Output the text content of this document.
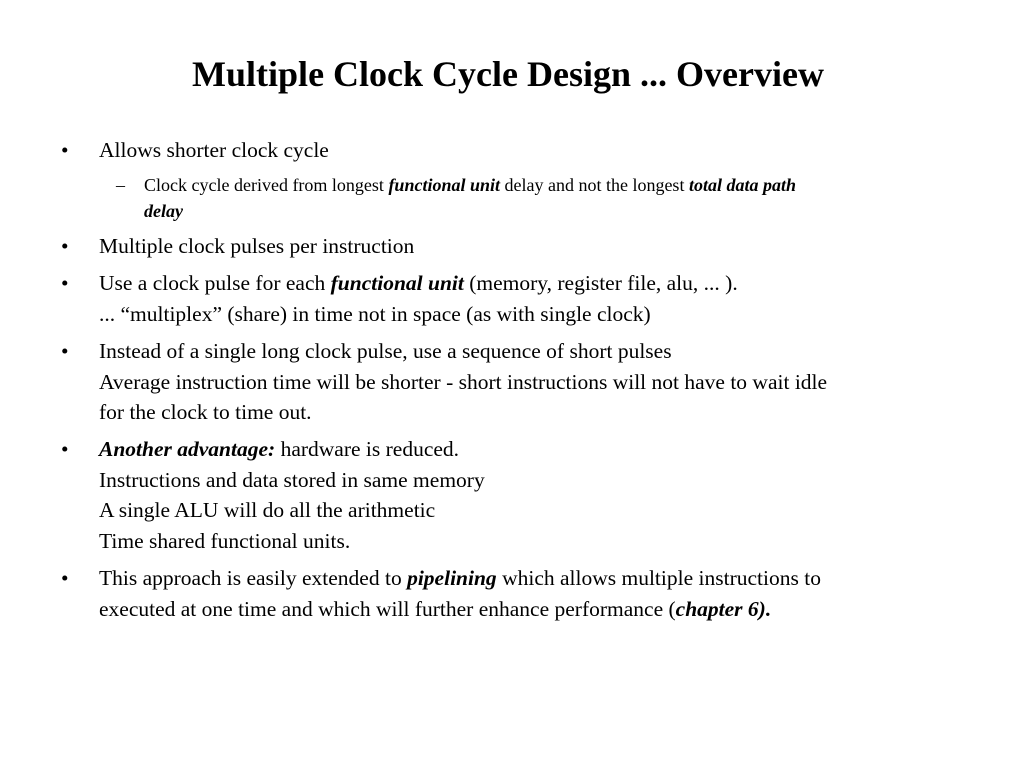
Multiple Clock Cycle Design ... Overview
• Allows shorter clock cycle
– Clock cycle derived from longest functional unit delay and not the longest total data path
delay
• Multiple clock pulses per instruction
• Use a clock pulse for each functional unit (memory, register file, alu, ... ).
... “multiplex” (share) in time not in space (as with single clock)
• Instead of a single long clock pulse, use a sequence of short pulses
Average instruction time will be shorter - short instructions will not have to wait idle
for the clock to time out.
• Another advantage: hardware is reduced.
Instructions and data stored in same memory
A single ALU will do all the arithmetic
Time shared functional units.
• This approach is easily extended to pipelining which allows multiple instructions to
executed at one time and which will further enhance performance (chapter 6).
